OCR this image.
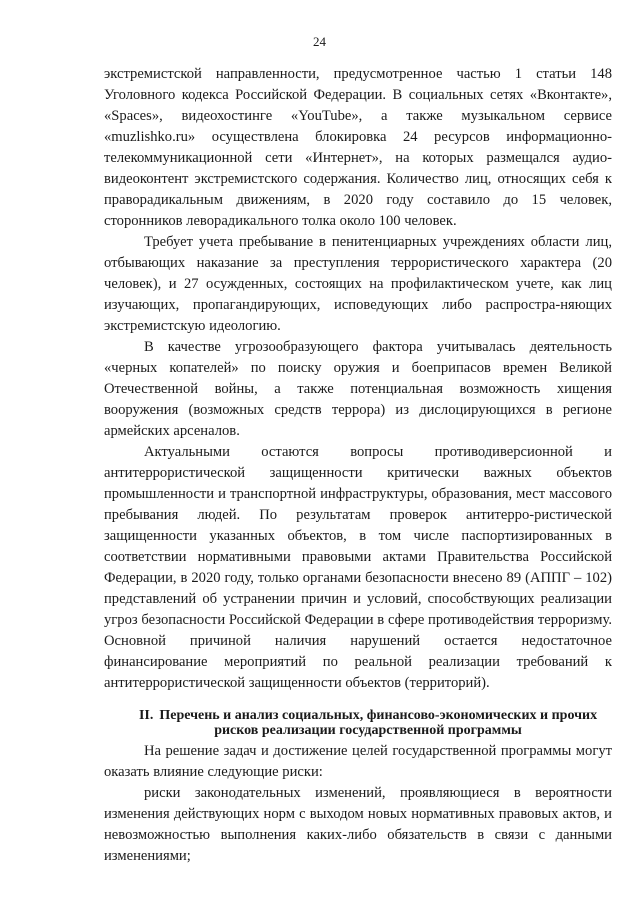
24

экстремистской направленности, предусмотренное частью 1 статьи 148 Уголовного кодекса Российской Федерации. В социальных сетях «Вконтакте», «Spaces», видеохостинге «YouTube», а также музыкальном сервисе «muzlishko.ru» осуществлена блокировка 24 ресурсов информационно-телекоммуникационной сети «Интернет», на которых размещался аудио-видеоконтент экстремистского содержания. Количество лиц, относящих себя к праворадикальным движениям, в 2020 году составило до 15 человек, сторонников леворадикального толка около 100 человек.

Требует учета пребывание в пенитенциарных учреждениях области лиц, отбывающих наказание за преступления террористического характера (20 человек), и 27 осужденных, состоящих на профилактическом учете, как лиц изучающих, пропагандирующих, исповедующих либо распростра-няющих экстремистскую идеологию.

В качестве угрозообразующего фактора учитывалась деятельность «черных копателей» по поиску оружия и боеприпасов времен Великой Отечественной войны, а также потенциальная возможность хищения вооружения (возможных средств террора) из дислоцирующихся в регионе армейских арсеналов.

Актуальными остаются вопросы противодиверсионной и антитеррористической защищенности критически важных объектов промышленности и транспортной инфраструктуры, образования, мест массового пребывания людей. По результатам проверок антитерро-ристической защищенности указанных объектов, в том числе паспортизированных в соответствии нормативными правовыми актами Правительства Российской Федерации, в 2020 году, только органами безопасности внесено 89 (АППГ – 102) представлений об устранении причин и условий, способствующих реализации угроз безопасности Российской Федерации в сфере противодействия терроризму. Основной причиной наличия нарушений остается недостаточное финансирование мероприятий по реальной реализации требований к антитеррористической защищенности объектов (территорий).

II. Перечень и анализ социальных, финансово-экономических и прочих рисков реализации государственной программы

На решение задач и достижение целей государственной программы могут оказать влияние следующие риски:

риски законодательных изменений, проявляющиеся в вероятности изменения действующих норм с выходом новых нормативных правовых актов, и невозможностью выполнения каких-либо обязательств в связи с данными изменениями;
